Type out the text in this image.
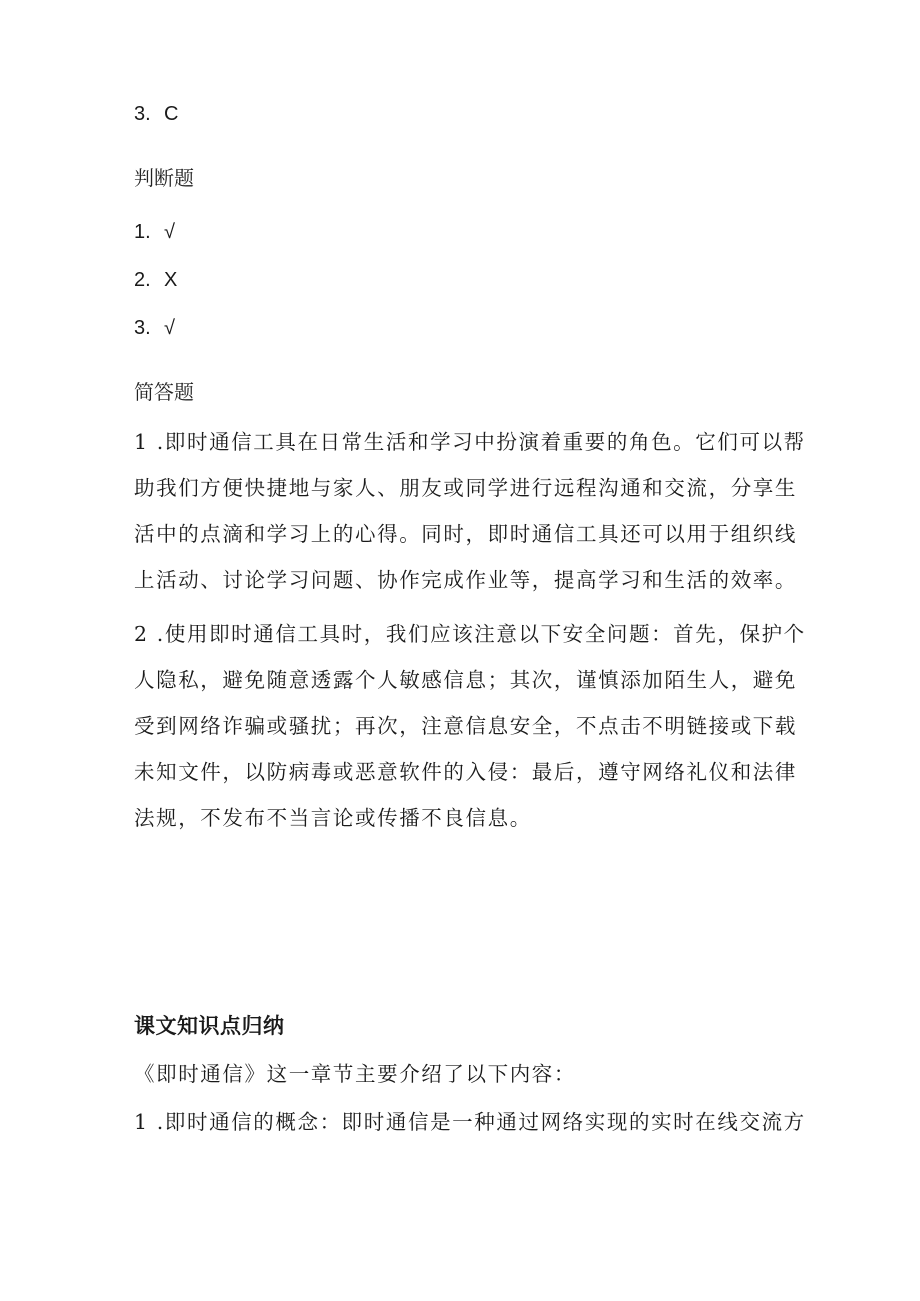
3. C
判断题
1. √
2. X
3. √
简答题
1 .即时通信工具在日常生活和学习中扮演着重要的角色。它们可以帮
助我们方便快捷地与家人、朋友或同学进行远程沟通和交流，分享生
活中的点滴和学习上的心得。同时，即时通信工具还可以用于组织线
上活动、讨论学习问题、协作完成作业等，提高学习和生活的效率。
2 .使用即时通信工具时，我们应该注意以下安全问题：首先，保护个
人隐私，避免随意透露个人敏感信息；其次，谨慎添加陌生人，避免
受到网络诈骗或骚扰；再次，注意信息安全，不点击不明链接或下载
未知文件，以防病毒或恶意软件的入侵：最后，遵守网络礼仪和法律
法规，不发布不当言论或传播不良信息。
课文知识点归纳
《即时通信》这一章节主要介绍了以下内容：
1 .即时通信的概念：即时通信是一种通过网络实现的实时在线交流方
